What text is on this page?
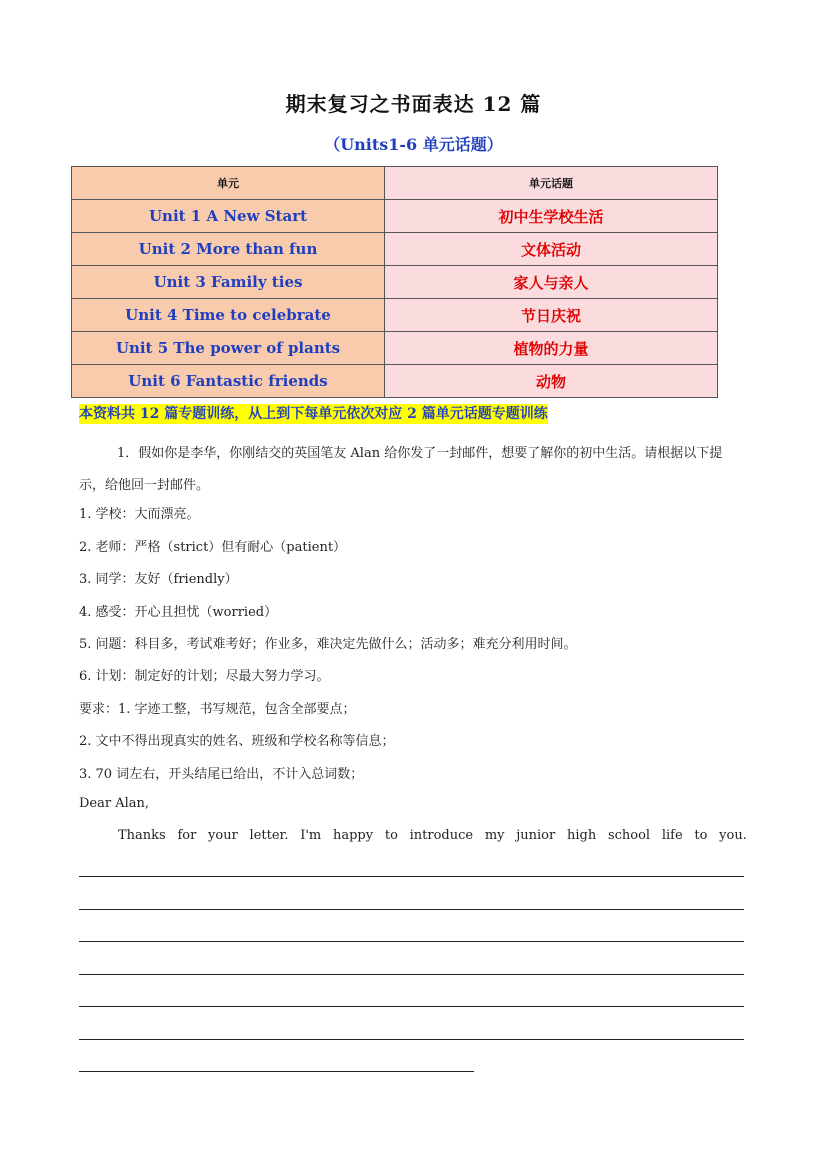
期末复习之书面表达 12 篇
（Units1-6 单元话题）
单元	单元话题
Unit 1 A New Start	初中生学校生活
Unit 2 More than fun	文体活动
Unit 3 Family ties	家人与亲人
Unit 4 Time to celebrate	节日庆祝
Unit 5 The power of plants	植物的力量
Unit 6 Fantastic friends	动物
本资料共 12 篇专题训练，从上到下每单元依次对应 2 篇单元话题专题训练
1．假如你是李华，你刚结交的英国笔友 Alan 给你发了一封邮件，想要了解你的初中生活。请根据以下提示，给他回一封邮件。
1. 学校：大而漂亮。
2. 老师：严格（strict）但有耐心（patient）
3. 同学：友好（friendly）
4. 感受：开心且担忧（worried）
5. 问题：科目多，考试难考好；作业多，难决定先做什么；活动多；难充分利用时间。
6. 计划：制定好的计划；尽最大努力学习。
要求：1. 字迹工整，书写规范，包含全部要点；
2. 文中不得出现真实的姓名、班级和学校名称等信息；
3. 70 词左右，开头结尾已给出，不计入总词数；
Dear Alan,
Thanks for your letter. I'm happy to introduce my junior high school life to you.
